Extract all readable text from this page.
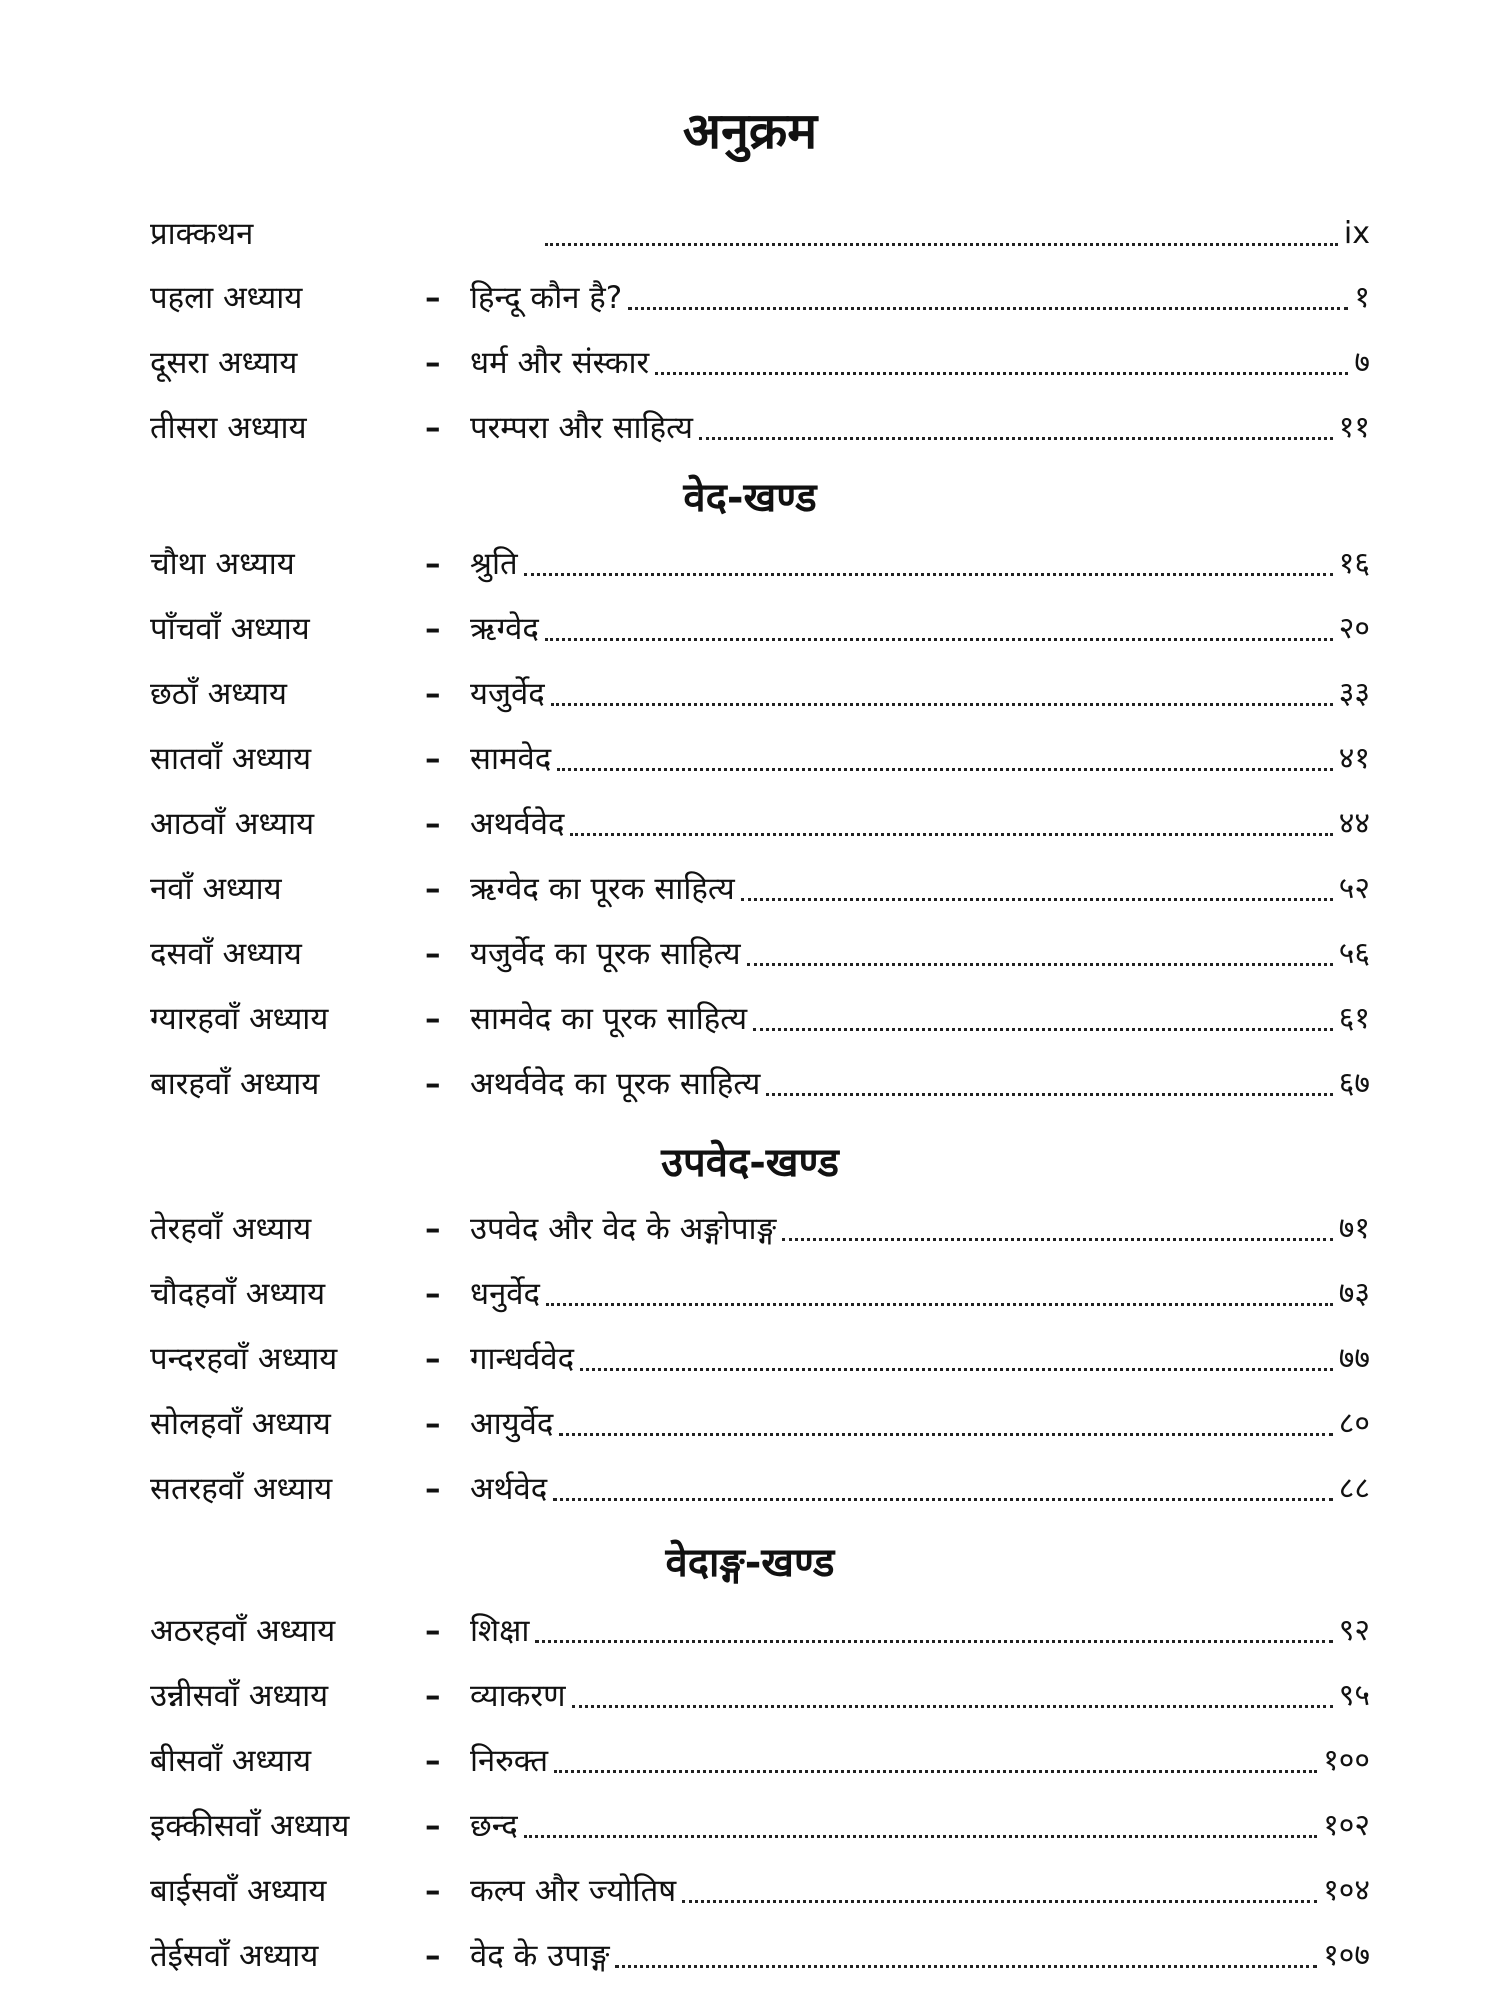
अनुक्रम
प्राक्कथन	ix
पहला अध्याय	– हिन्दू कौन है?	१
दूसरा अध्याय	– धर्म और संस्कार	७
तीसरा अध्याय	– परम्परा और साहित्य	११
वेद-खण्ड
चौथा अध्याय	– श्रुति	१६
पाँचवाँ अध्याय	– ऋग्वेद	२०
छठाँ अध्याय	– यजुर्वेद	३३
सातवाँ अध्याय	– सामवेद	४१
आठवाँ अध्याय	– अथर्ववेद	४४
नवाँ अध्याय	– ऋग्वेद का पूरक साहित्य	५२
दसवाँ अध्याय	– यजुर्वेद का पूरक साहित्य	५६
ग्यारहवाँ अध्याय	– सामवेद का पूरक साहित्य	६१
बारहवाँ अध्याय	– अथर्ववेद का पूरक साहित्य	६७
उपवेद-खण्ड
तेरहवाँ अध्याय	– उपवेद और वेद के अङ्गोपाङ्ग	७१
चौदहवाँ अध्याय	– धनुर्वेद	७३
पन्दरहवाँ अध्याय	– गान्धर्ववेद	७७
सोलहवाँ अध्याय	– आयुर्वेद	८०
सतरहवाँ अध्याय	– अर्थवेद	८८
वेदाङ्ग-खण्ड
अठरहवाँ अध्याय	– शिक्षा	९२
उन्नीसवाँ अध्याय	– व्याकरण	९५
बीसवाँ अध्याय	– निरुक्त	१००
इक्कीसवाँ अध्याय	– छन्द	१०२
बाईसवाँ अध्याय	– कल्प और ज्योतिष	१०४
तेईसवाँ अध्याय	– वेद के उपाङ्ग	१०७
